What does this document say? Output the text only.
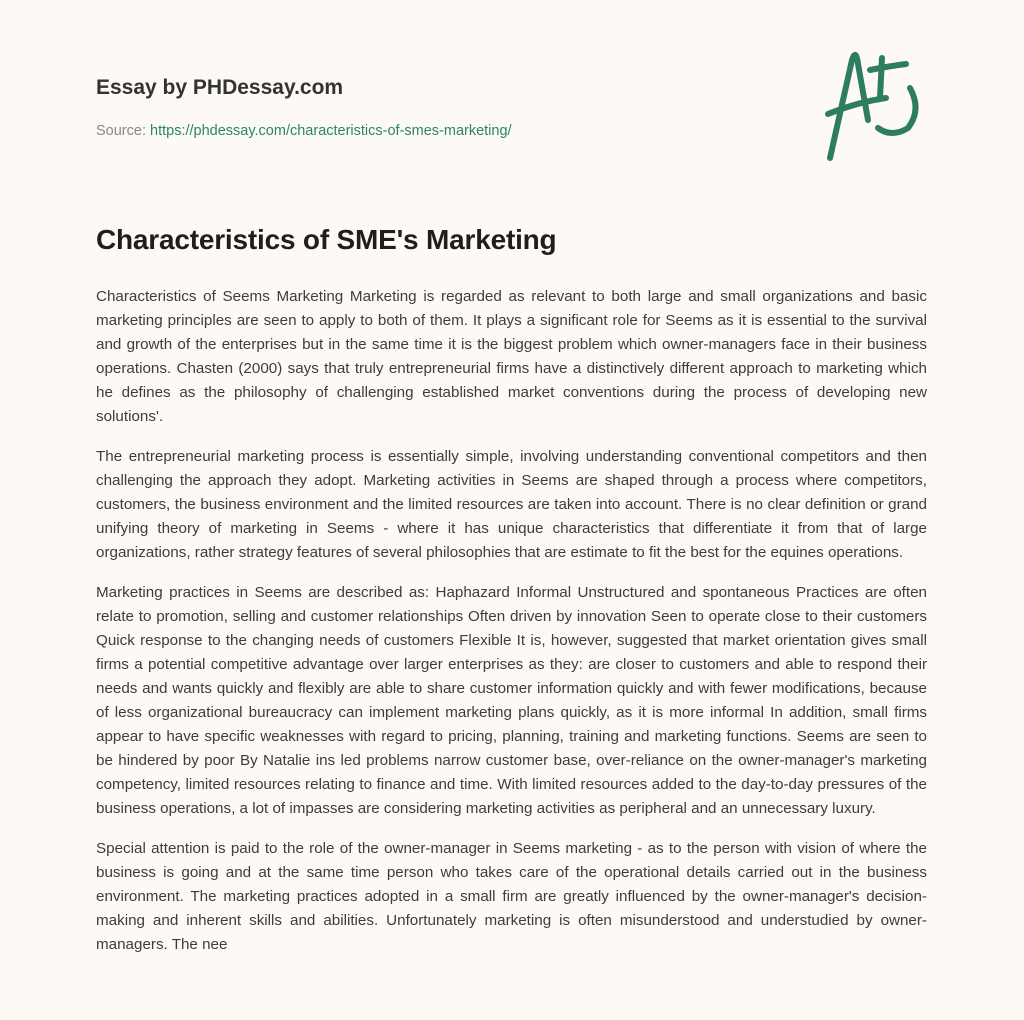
Essay by PHDessay.com
Source: https://phdessay.com/characteristics-of-smes-marketing/
Characteristics of SME's Marketing

Characteristics of Seems Marketing Marketing is regarded as relevant to both large and small organizations and basic marketing principles are seen to apply to both of them. It plays a significant role for Seems as it is essential to the survival and growth of the enterprises but in the same time it is the biggest problem which owner-managers face in their business operations. Chasten (2000) says that truly entrepreneurial firms have a distinctively different approach to marketing which he defines as the philosophy of challenging established market conventions during the process of developing new solutions'.

The entrepreneurial marketing process is essentially simple, involving understanding conventional competitors and then challenging the approach they adopt. Marketing activities in Seems are shaped through a process where competitors, customers, the business environment and the limited resources are taken into account. There is no clear definition or grand unifying theory of marketing in Seems - where it has unique characteristics that differentiate it from that of large organizations, rather strategy features of several philosophies that are estimate to fit the best for the equines operations.

Marketing practices in Seems are described as: Haphazard Informal Unstructured and spontaneous Practices are often relate to promotion, selling and customer relationships Often driven by innovation Seen to operate close to their customers Quick response to the changing needs of customers Flexible It is, however, suggested that market orientation gives small firms a potential competitive advantage over larger enterprises as they: are closer to customers and able to respond their needs and wants quickly and flexibly are able to share customer information quickly and with fewer modifications, because of less organizational bureaucracy can implement marketing plans quickly, as it is more informal In addition, small firms appear to have specific weaknesses with regard to pricing, planning, training and marketing functions. Seems are seen to be hindered by poor By Natalie ins led problems narrow customer base, over-reliance on the owner-manager's marketing competency, limited resources relating to finance and time. With limited resources added to the day-to-day pressures of the business operations, a lot of impasses are considering marketing activities as peripheral and an unnecessary luxury.

Special attention is paid to the role of the owner-manager in Seems marketing - as to the person with vision of where the business is going and at the same time person who takes care of the operational details carried out in the business environment. The marketing practices adopted in a small firm are greatly influenced by the owner-manager's decision-making and inherent skills and abilities. Unfortunately marketing is often misunderstood and understudied by owner-managers. The nee
